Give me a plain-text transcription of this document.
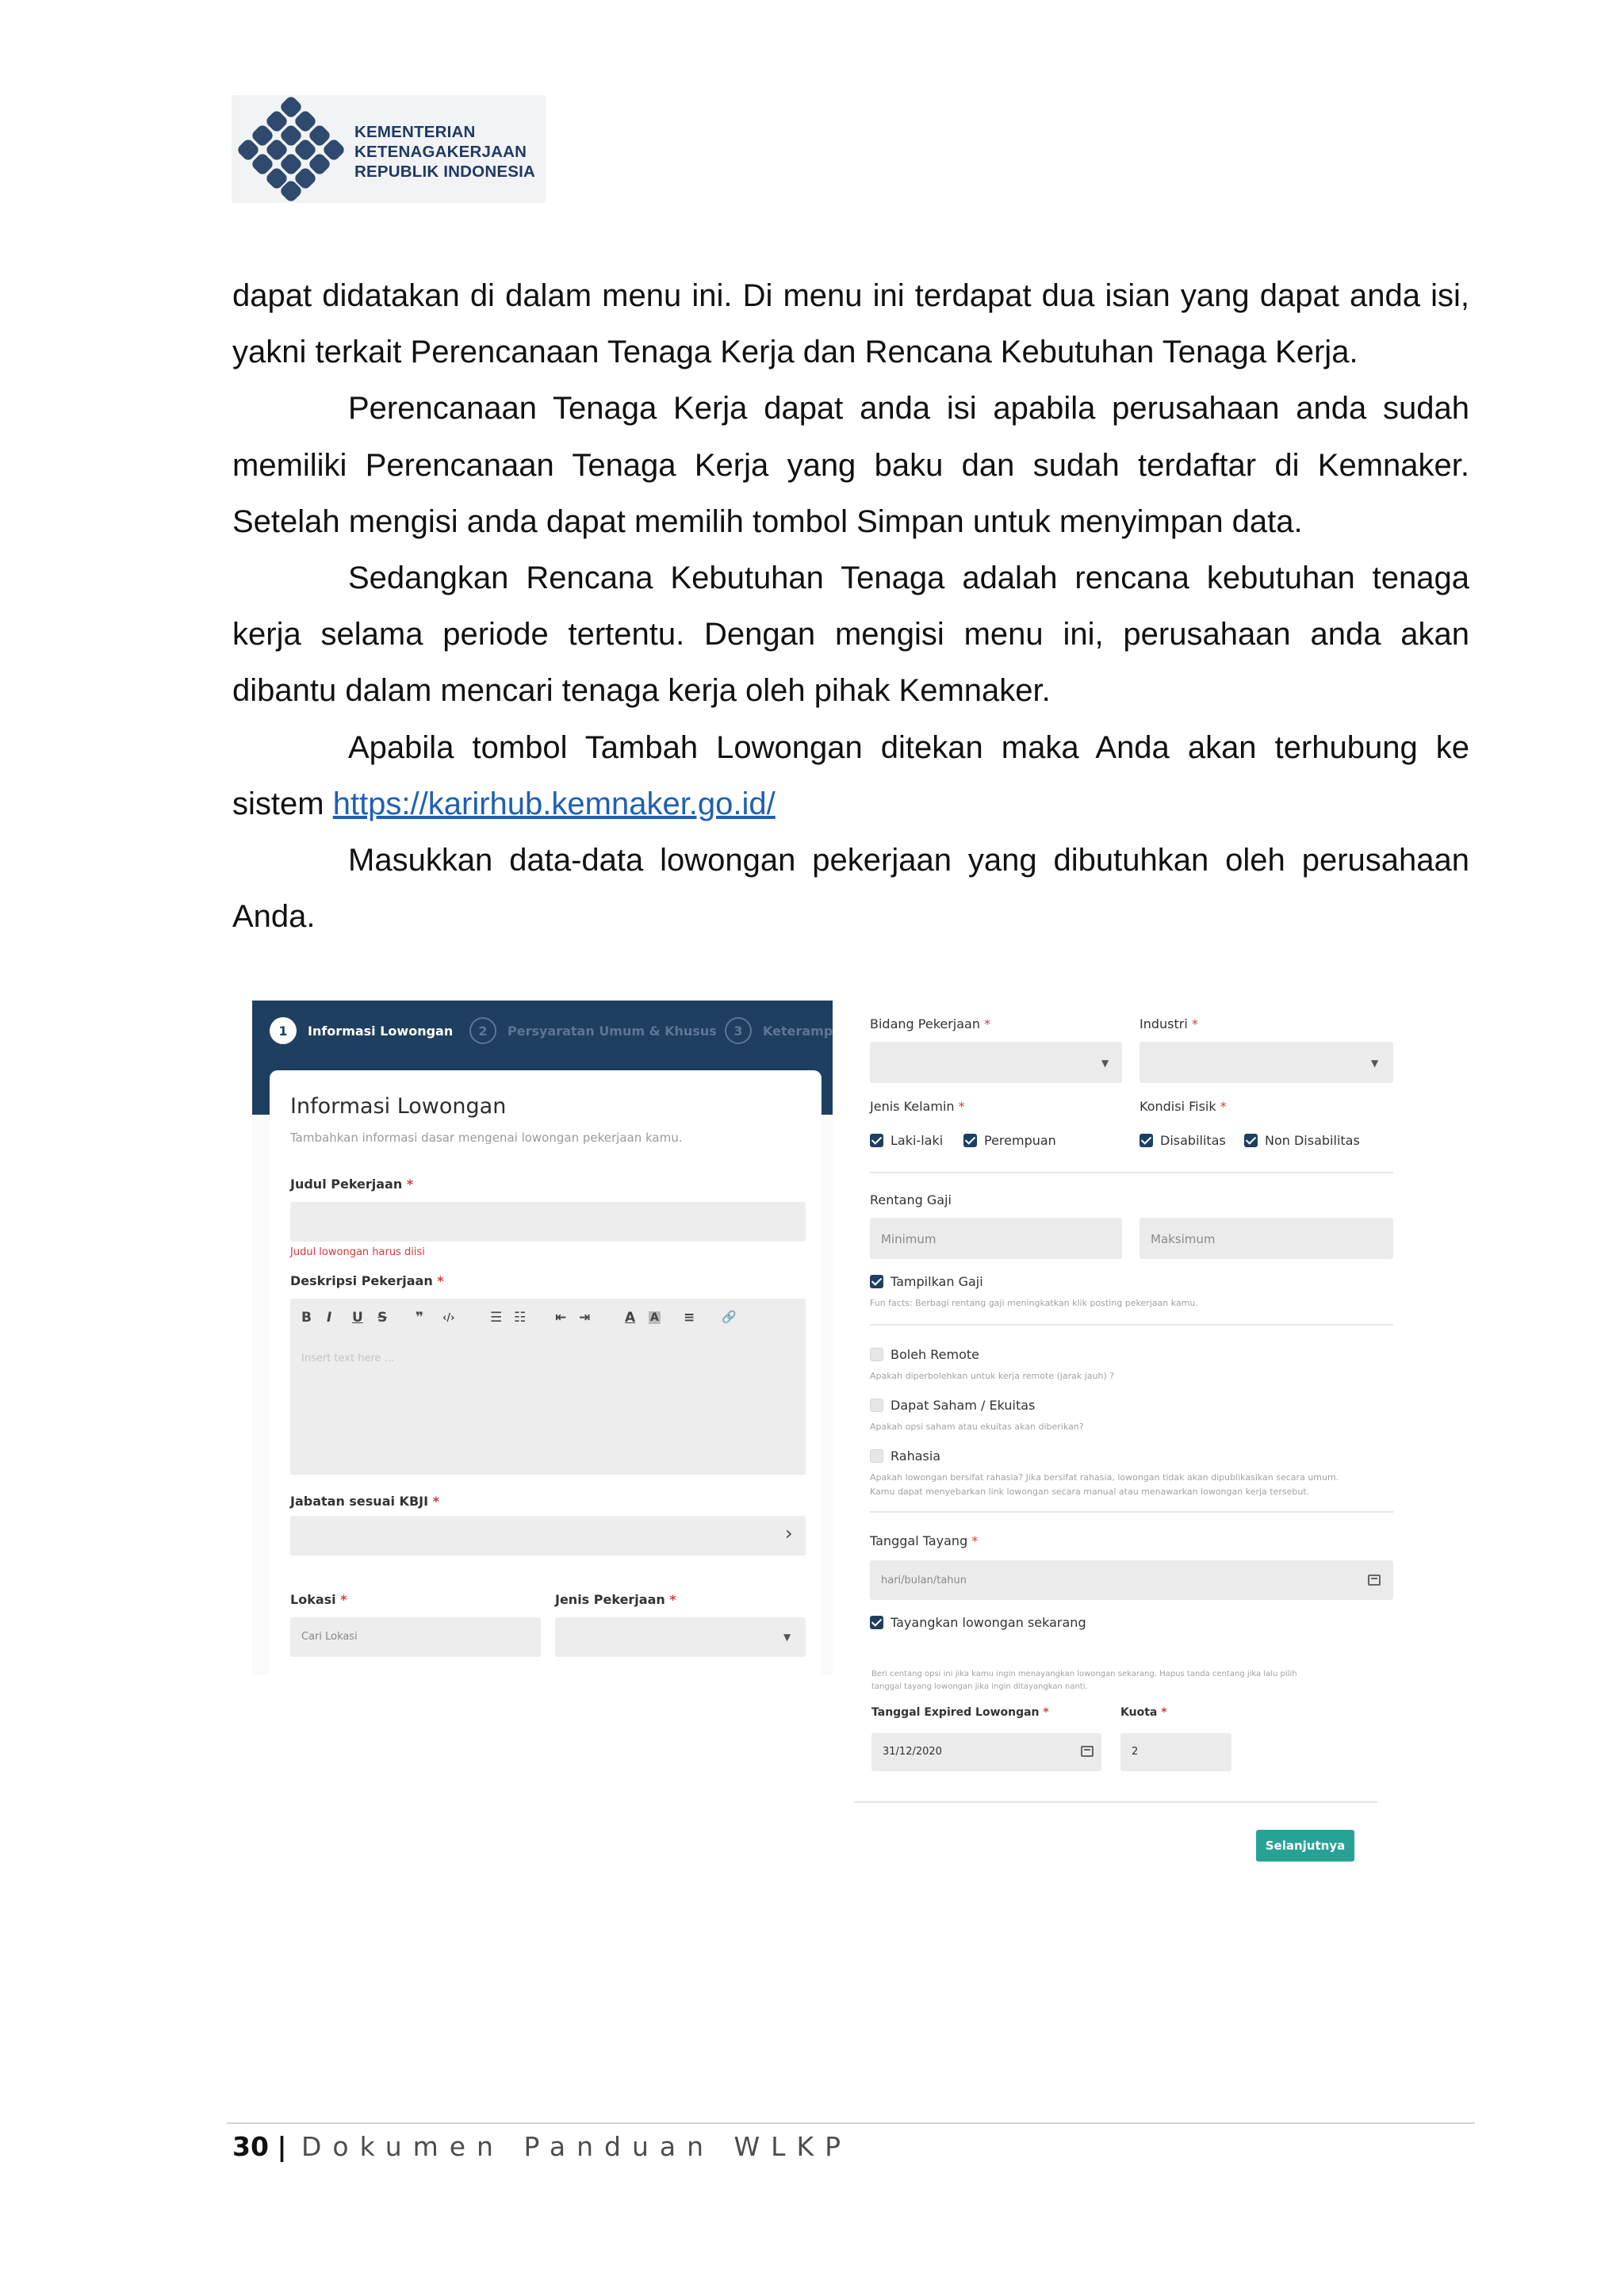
KEMENTERIAN
KETENAGAKERJAAN
REPUBLIK INDONESIA

dapat didatakan di dalam menu ini. Di menu ini terdapat dua isian yang dapat anda isi, yakni terkait Perencanaan Tenaga Kerja dan Rencana Kebutuhan Tenaga Kerja.

Perencanaan Tenaga Kerja dapat anda isi apabila perusahaan anda sudah memiliki Perencanaan Tenaga Kerja yang baku dan sudah terdaftar di Kemnaker. Setelah mengisi anda dapat memilih tombol Simpan untuk menyimpan data.

Sedangkan Rencana Kebutuhan Tenaga adalah rencana kebutuhan tenaga kerja selama periode tertentu. Dengan mengisi menu ini, perusahaan anda akan dibantu dalam mencari tenaga kerja oleh pihak Kemnaker.

Apabila tombol Tambah Lowongan ditekan maka Anda akan terhubung ke sistem https://karirhub.kemnaker.go.id/

Masukkan data-data lowongan pekerjaan yang dibutuhkan oleh perusahaan Anda.

1	Informasi Lowongan	2	Persyaratan Umum & Khusus	3	Keteramp
Informasi Lowongan
Tambahkan informasi dasar mengenai lowongan pekerjaan kamu.
Judul Pekerjaan *
Judul lowongan harus diisi
Deskripsi Pekerjaan *
B I U S ❞ ‹/›	☰ ☷ ⇤ ⇥	A A ≡ 🔗
Insert text here ...
Jabatan sesuai KBJI *
›
Lokasi *
Cari Lokasi
Jenis Pekerjaan *
▼
Bidang Pekerjaan *
▼
Industri *
▼
Jenis Kelamin *
Laki-laki	Perempuan
Kondisi Fisik *
Disabilitas	Non Disabilitas
Rentang Gaji
Minimum	Maksimum
Tampilkan Gaji
Fun facts: Berbagi rentang gaji meningkatkan klik posting pekerjaan kamu.
Boleh Remote
Apakah diperbolehkan untuk kerja remote (jarak jauh) ?
Dapat Saham / Ekuitas
Apakah opsi saham atau ekuitas akan diberikan?
Rahasia
Apakah lowongan bersifat rahasia? Jika bersifat rahasia, lowongan tidak akan dipublikasikan secara umum.
Kamu dapat menyebarkan link lowongan secara manual atau menawarkan lowongan kerja tersebut.
Tanggal Tayang *
hari/bulan/tahun
Tayangkan lowongan sekarang
Beri centang opsi ini jika kamu ingin menayangkan lowongan sekarang. Hapus tanda centang jika lalu pilih
tanggal tayang lowongan jika ingin ditayangkan nanti.
Tanggal Expired Lowongan *
31/12/2020
Kuota *
2
Selanjutnya
30 | Dokumen Panduan WLKP
